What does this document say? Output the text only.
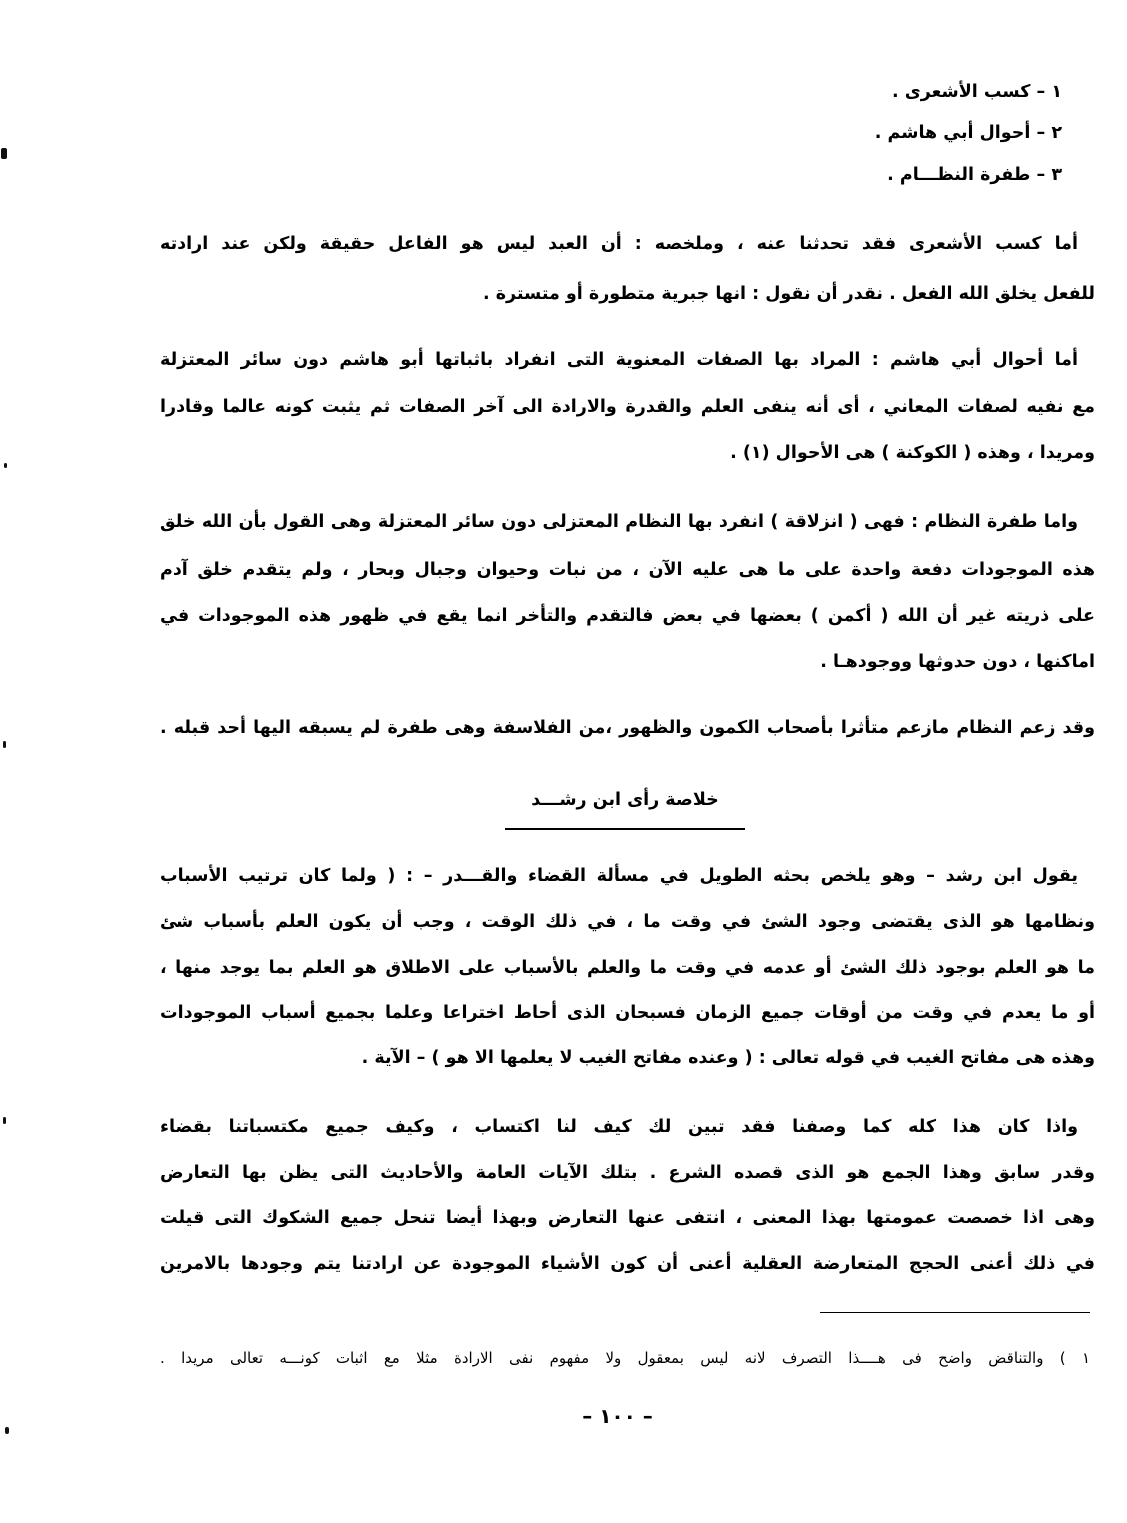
١ – كسب الأشعرى .
٢ – أحوال أبي هاشم .
٣ – طفرة النظـــام .
أما كسب الأشعرى فقد تحدثنا عنه ، وملخصه : أن العبد ليس هو الفاعل حقيقة ولكن عند ارادته
للفعل يخلق الله الفعل . نقدر أن نقول : انها جبرية متطورة أو متسترة .
أما أحوال أبي هاشم : المراد بها الصفات المعنوية التى انفراد باثباتها أبو هاشم دون سائر المعتزلة
مع نفيه لصفات المعاني ، أى أنه ينفى العلم والقدرة والارادة الى آخر الصفات ثم يثبت كونه عالما وقادرا
ومريدا ، وهذه ( الكوكنة ) هى الأحوال (١) .
واما طفرة النظام : فهى ( انزلاقة ) انفرد بها النظام المعتزلى دون سائر المعتزلة وهى القول بأن الله خلق
هذه الموجودات دفعة واحدة على ما هى عليه الآن ، من نبات وحيوان وجبال وبحار ، ولم يتقدم خلق آدم
على ذريته غير أن الله ( أكمن ) بعضها في بعض فالتقدم والتأخر انما يقع في ظهور هذه الموجودات في
اماكنها ، دون حدوثها ووجودهـا .
وقد زعم النظام مازعم متأثرا بأصحاب الكمون والظهور ،من الفلاسفة وهى طفرة لم يسبقه اليها أحد قبله .
خلاصة رأى ابن رشـــد
يقول ابن رشد – وهو يلخص بحثه الطويل في مسألة القضاء والقـــدر – : ( ولما كان ترتيب الأسباب
ونظامها هو الذى يقتضى وجود الشئ في وقت ما ، في ذلك الوقت ، وجب أن يكون العلم بأسباب شئ
ما هو العلم بوجود ذلك الشئ أو عدمه في وقت ما والعلم بالأسباب على الاطلاق هو العلم بما يوجد منها ،
أو ما يعدم في وقت من أوقات جميع الزمان فسبحان الذى أحاط اختراعا وعلما بجميع أسباب الموجودات
وهذه هى مفاتح الغيب في قوله تعالى : ( وعنده مفاتح الغيب لا يعلمها الا هو ) – الآية .
واذا كان هذا كله كما وصفنا فقد تبين لك كيف لنا اكتساب ، وكيف جميع مكتسباتنا بقضاء
وقدر سابق وهذا الجمع هو الذى قصده الشرع . بتلك الآيات العامة والأحاديث التى يظن بها التعارض
وهى اذا خصصت عمومتها بهذا المعنى ، انتفى عنها التعارض وبهذا أيضا تنحل جميع الشكوك التى قيلت
في ذلك أعنى الحجج المتعارضة العقلية أعنى أن كون الأشياء الموجودة عن ارادتنا يتم وجودها بالامرين
١ ) والتناقض واضح فى هــــذا التصرف لانه ليس بمعقول ولا مفهوم نفى الارادة مثلا مع اثبات كونـــه تعالى مريدا .
– ١٠٠ –
